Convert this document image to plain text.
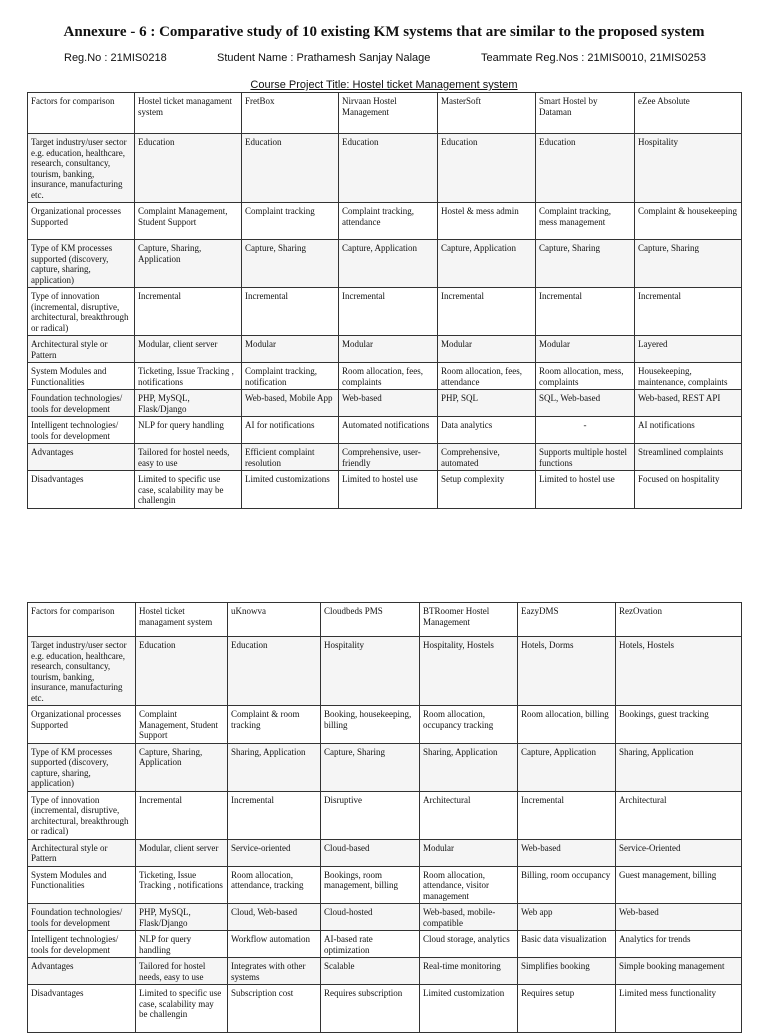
Annexure - 6 : Comparative study of 10 existing KM systems that are similar to the proposed system
Reg.No : 21MIS0218	Student Name : Prathamesh Sanjay Nalage	Teammate Reg.Nos : 21MIS0010, 21MIS0253
Course Project Title: Hostel ticket Management system
Factors for comparison	Hostel ticket managament system	FretBox	Nirvaan Hostel Management	MasterSoft	Smart Hostel by Dataman	eZee Absolute
Target industry/user sector e.g. education, healthcare, research, consultancy, tourism, banking, insurance, manufacturing etc.	Education	Education	Education	Education	Education	Hospitality
Organizational processes Supported	Complaint Management, Student Support	Complaint tracking	Complaint tracking, attendance	Hostel & mess admin	Complaint tracking, mess management	Complaint & housekeeping
Type of KM processes supported (discovery, capture, sharing, application)	Capture, Sharing, Application	Capture, Sharing	Capture, Application	Capture, Application	Capture, Sharing	Capture, Sharing
Type of innovation (incremental, disruptive, architectural, breakthrough or radical)	Incremental	Incremental	Incremental	Incremental	Incremental	Incremental
Architectural style or Pattern	Modular, client server	Modular	Modular	Modular	Modular	Layered
System Modules and Functionalities	Ticketing, Issue Tracking , notifications	Complaint tracking, notification	Room allocation, fees, complaints	Room allocation, fees, attendance	Room allocation, mess, complaints	Housekeeping, maintenance, complaints
Foundation technologies/ tools for development	PHP, MySQL, Flask/Django	Web-based, Mobile App	Web-based	PHP, SQL	SQL, Web-based	Web-based, REST API
Intelligent technologies/ tools for development	NLP for query handling	AI for notifications	Automated notifications	Data analytics	-	AI notifications
Advantages	Tailored for hostel needs, easy to use	Efficient complaint resolution	Comprehensive, user-friendly	Comprehensive, automated	Supports multiple hostel functions	Streamlined complaints
Disadvantages	Limited to specific use case, scalability may be challengin	Limited customizations	Limited to hostel use	Setup complexity	Limited to hostel use	Focused on hospitality
Factors for comparison	Hostel ticket managament system	uKnowva	Cloudbeds PMS	BTRoomer Hostel Management	EazyDMS	RezOvation
Target industry/user sector e.g. education, healthcare, research, consultancy, tourism, banking, insurance, manufacturing etc.	Education	Education	Hospitality	Hospitality, Hostels	Hotels, Dorms	Hotels, Hostels
Organizational processes Supported	Complaint Management, Student Support	Complaint & room tracking	Booking, housekeeping, billing	Room allocation, occupancy tracking	Room allocation, billing	Bookings, guest tracking
Type of KM processes supported (discovery, capture, sharing, application)	Capture, Sharing, Application	Sharing, Application	Capture, Sharing	Sharing, Application	Capture, Application	Sharing, Application
Type of innovation (incremental, disruptive, architectural, breakthrough or radical)	Incremental	Incremental	Disruptive	Architectural	Incremental	Architectural
Architectural style or Pattern	Modular, client server	Service-oriented	Cloud-based	Modular	Web-based	Service-Oriented
System Modules and Functionalities	Ticketing, Issue Tracking , notifications	Room allocation, attendance, tracking	Bookings, room management, billing	Room allocation, attendance, visitor management	Billing, room occupancy	Guest management, billing
Foundation technologies/ tools for development	PHP, MySQL, Flask/Django	Cloud, Web-based	Cloud-hosted	Web-based, mobile-compatible	Web app	Web-based
Intelligent technologies/ tools for development	NLP for query handling	Workflow automation	AI-based rate optimization	Cloud storage, analytics	Basic data visualization	Analytics for trends
Advantages	Tailored for hostel needs, easy to use	Integrates with other systems	Scalable	Real-time monitoring	Simplifies booking	Simple booking management
Disadvantages	Limited to specific use case, scalability may be challengin	Subscription cost	Requires subscription	Limited customization	Requires setup	Limited mess functionality
